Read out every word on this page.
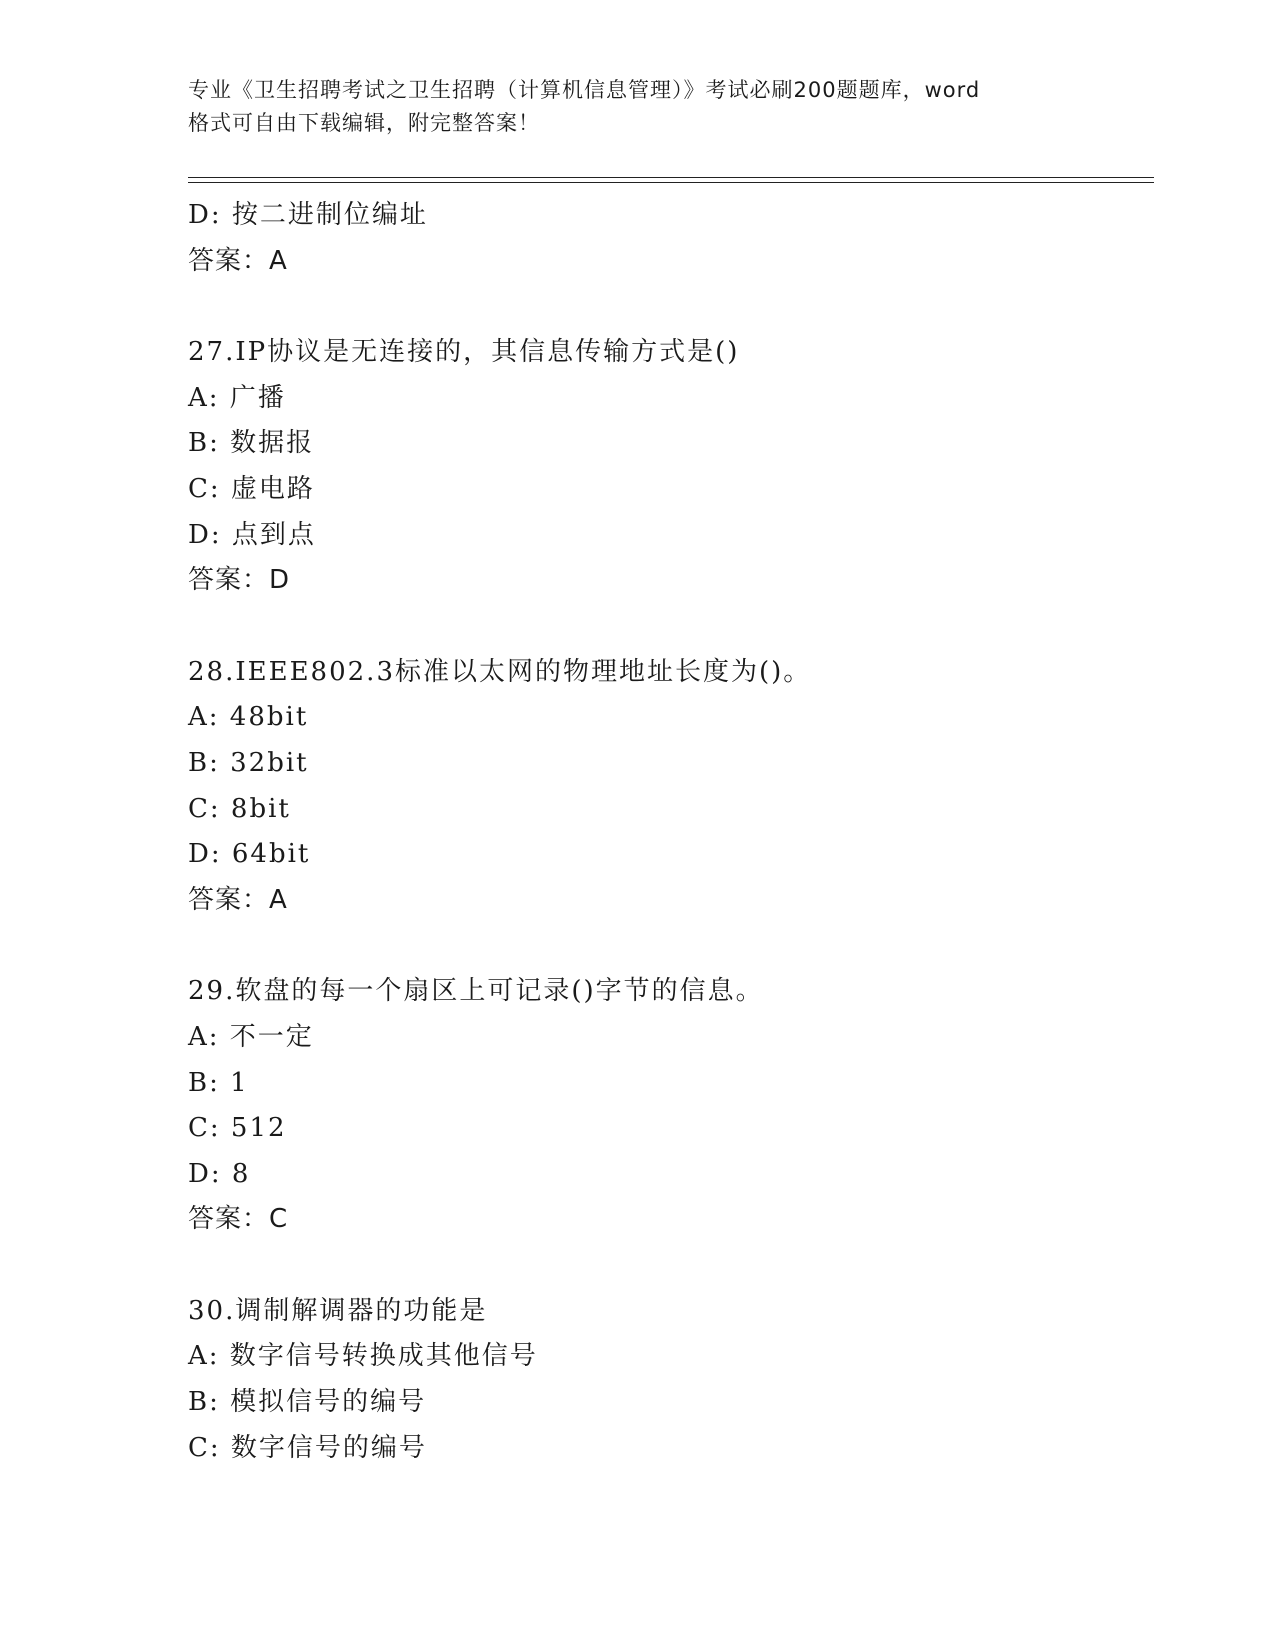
专业《卫生招聘考试之卫生招聘（计算机信息管理）》考试必刷200题题库，word
格式可自由下载编辑，附完整答案！
D: 按二进制位编址
答案：A
27.IP协议是无连接的，其信息传输方式是()
A: 广播
B: 数据报
C: 虚电路
D: 点到点
答案：D
28.IEEE802.3标准以太网的物理地址长度为()。
A: 48bit
B: 32bit
C: 8bit
D: 64bit
答案：A
29.软盘的每一个扇区上可记录()字节的信息。
A: 不一定
B: 1
C: 512
D: 8
答案：C
30.调制解调器的功能是
A: 数字信号转换成其他信号
B: 模拟信号的编号
C: 数字信号的编号
